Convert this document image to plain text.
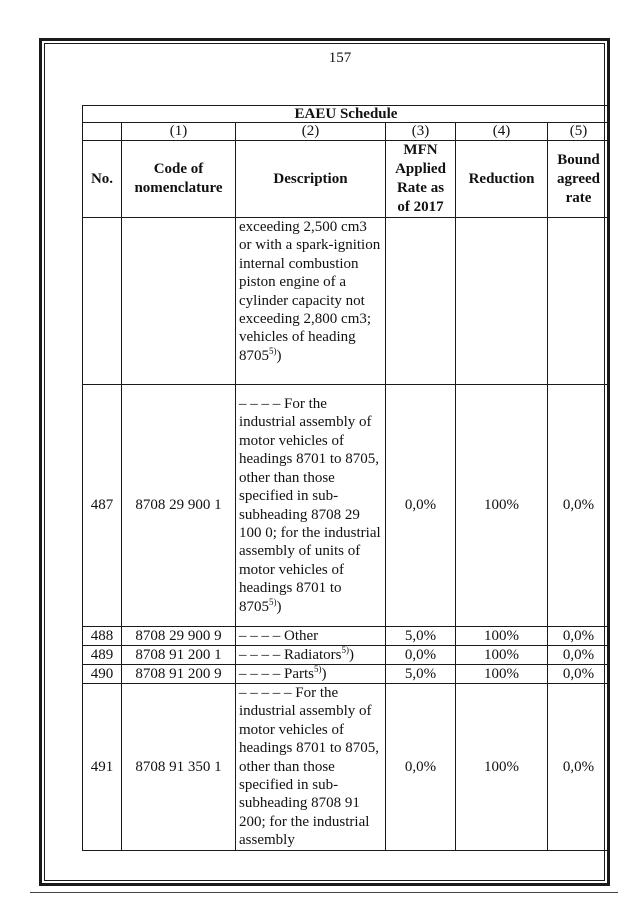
157
EAEU Schedule					
	(1)	(2)	(3)	(4)	(5)
No.	Code of nomenclature	Description	MFN Applied Rate as of 2017	Reduction	Bound agreed rate
		exceeding 2,500 cm3 or with a spark-ignition internal combustion piston engine of a cylinder capacity not exceeding 2,800 cm3; vehicles of heading 8705$^{5)}$)			
487	8708 29 900 1	– – – – For the industrial assembly of motor vehicles of headings 8701 to 8705, other than those specified in sub-subheading 8708 29 100 0; for the industrial assembly of units of motor vehicles of headings 8701 to 8705$^{5)}$)	0,0%	100%	0,0%
488	8708 29 900 9	– – – – Other	5,0%	100%	0,0%
489	8708 91 200 1	– – – – Radiators$^{5)}$)	0,0%	100%	0,0%
490	8708 91 200 9	– – – – Parts$^{5)}$)	5,0%	100%	0,0%
491	8708 91 350 1	– – – – – For the industrial assembly of motor vehicles of headings 8701 to 8705, other than those specified in sub-subheading 8708 91 200; for the industrial assembly	0,0%	100%	0,0%
